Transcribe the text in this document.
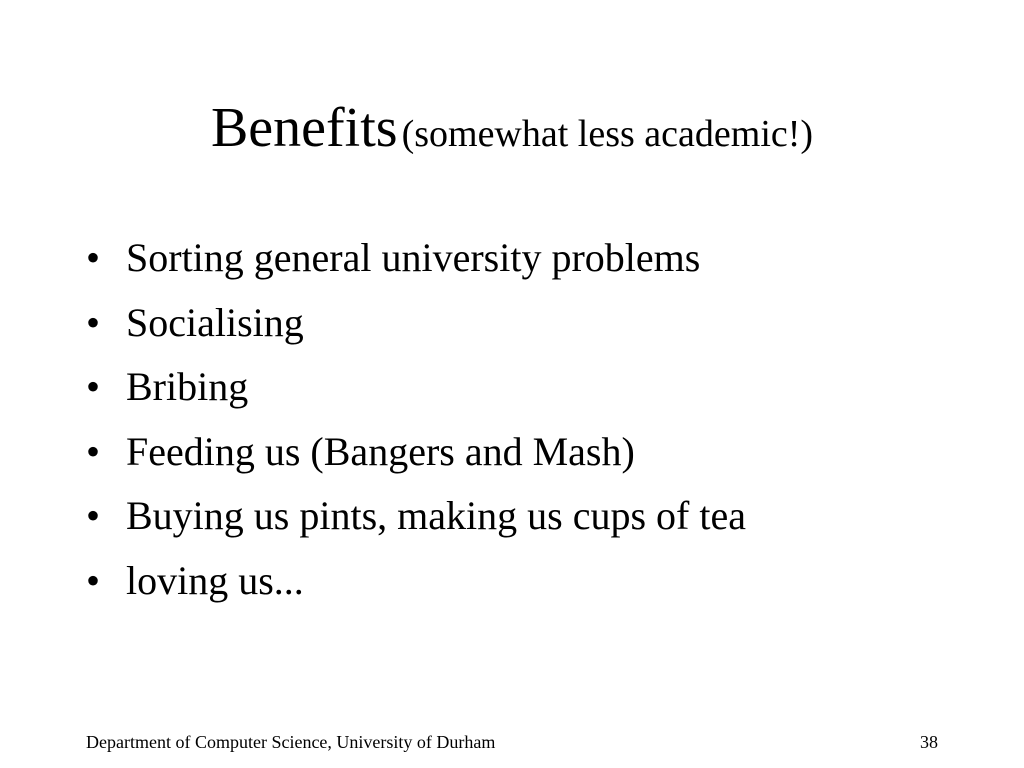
Benefits (somewhat less academic!)
• Sorting general university problems
• Socialising
• Bribing
• Feeding us (Bangers and Mash)
• Buying us pints, making us cups of tea
• loving us...
Department of Computer Science, University of Durham	38
